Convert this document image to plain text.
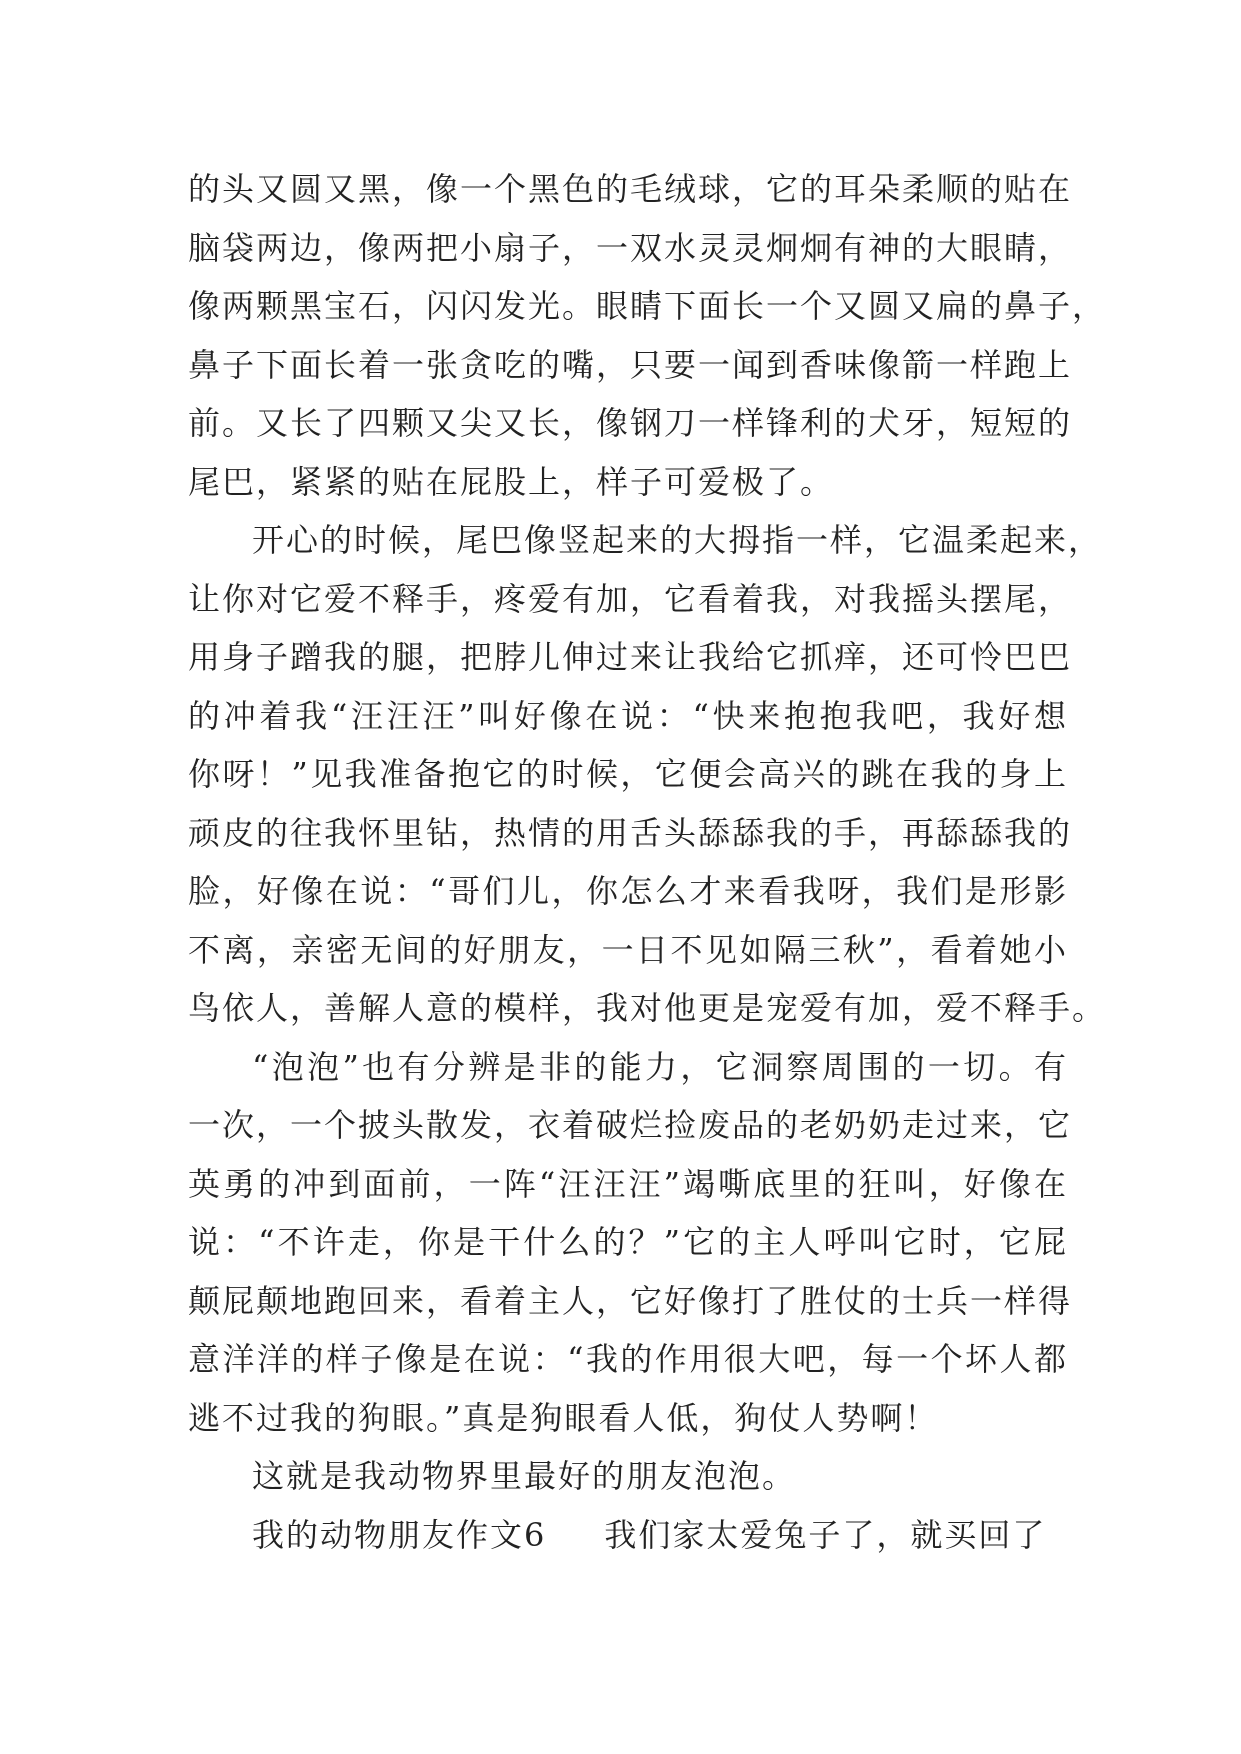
的头又圆又黑，像一个黑色的毛绒球，它的耳朵柔顺的贴在
脑袋两边，像两把小扇子，一双水灵灵炯炯有神的大眼睛，
像两颗黑宝石，闪闪发光。眼睛下面长一个又圆又扁的鼻子，
鼻子下面长着一张贪吃的嘴，只要一闻到香味像箭一样跑上
前。又长了四颗又尖又长，像钢刀一样锋利的犬牙，短短的
尾巴，紧紧的贴在屁股上，样子可爱极了。
开心的时候，尾巴像竖起来的大拇指一样，它温柔起来，
让你对它爱不释手，疼爱有加，它看着我，对我摇头摆尾，
用身子蹭我的腿，把脖儿伸过来让我给它抓痒，还可怜巴巴
的冲着我“汪汪汪”叫好像在说：“快来抱抱我吧，我好想
你呀！”见我准备抱它的时候，它便会高兴的跳在我的身上
顽皮的往我怀里钻，热情的用舌头舔舔我的手，再舔舔我的
脸，好像在说：“哥们儿，你怎么才来看我呀，我们是形影
不离，亲密无间的好朋友，一日不见如隔三秋”，看着她小
鸟依人，善解人意的模样，我对他更是宠爱有加，爱不释手。
“泡泡”也有分辨是非的能力，它洞察周围的一切。有
一次，一个披头散发，衣着破烂捡废品的老奶奶走过来，它
英勇的冲到面前，一阵“汪汪汪”竭嘶底里的狂叫，好像在
说：“不许走，你是干什么的？”它的主人呼叫它时，它屁
颠屁颠地跑回来，看着主人，它好像打了胜仗的士兵一样得
意洋洋的样子像是在说：“我的作用很大吧，每一个坏人都
逃不过我的狗眼。”真是狗眼看人低，狗仗人势啊！
这就是我动物界里最好的朋友泡泡。
我的动物朋友作文6 我们家太爱兔子了，就买回了
